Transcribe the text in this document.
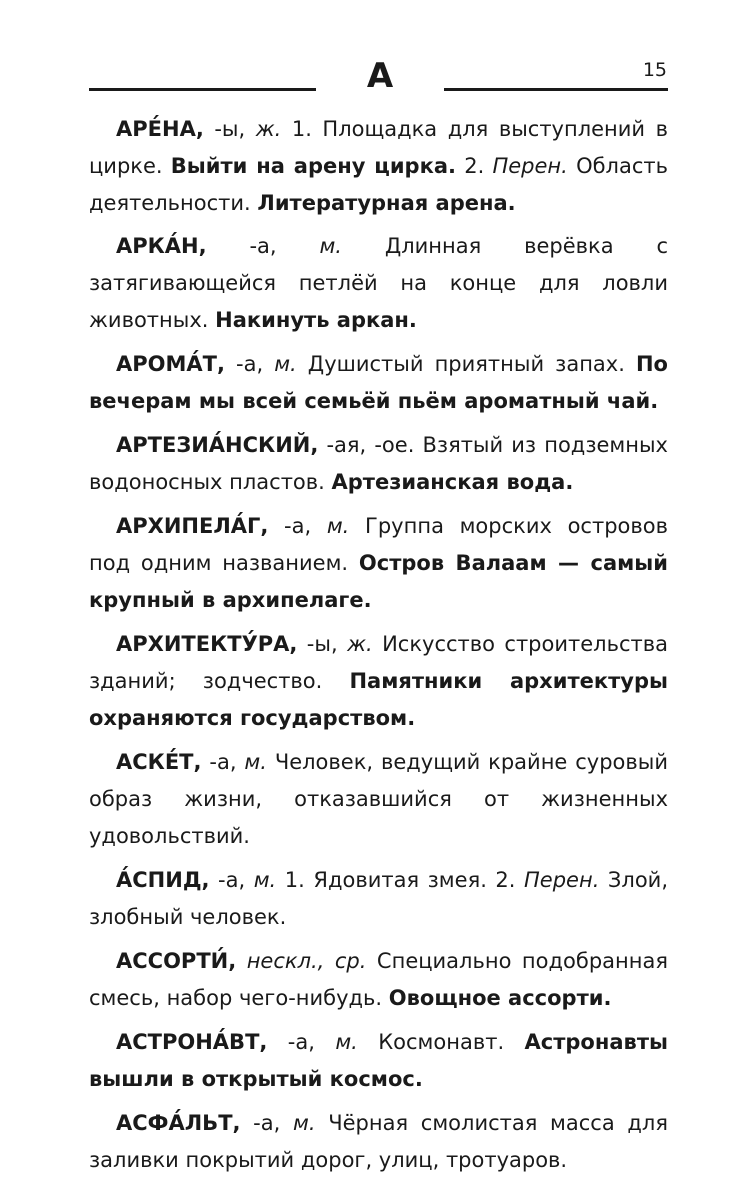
А	15

АРЕ́НА, -ы, ж. 1. Площадка для выступлений в цирке. Выйти на арену цирка. 2. Перен. Область деятельности. Литературная арена.

АРКА́Н, -а, м. Длинная верёвка с затягивающейся петлёй на конце для ловли животных. Накинуть аркан.

АРОМА́Т, -а, м. Душистый приятный запах. По вечерам мы всей семьёй пьём ароматный чай.

АРТЕЗИА́НСКИЙ, -ая, -ое. Взятый из подземных водоносных пластов. Артезианская вода.

АРХИПЕЛА́Г, -а, м. Группа морских островов под одним названием. Остров Валаам — самый крупный в архипелаге.

АРХИТЕКТУ́РА, -ы, ж. Искусство строительства зданий; зодчество. Памятники архитектуры охраняются государством.

АСКЕ́Т, -а, м. Человек, ведущий крайне суровый образ жизни, отказавшийся от жизненных удовольствий.

А́СПИД, -а, м. 1. Ядовитая змея. 2. Перен. Злой, злобный человек.

АССОРТИ́, нескл., ср. Специально подобранная смесь, набор чего-нибудь. Овощное ассорти.

АСТРОНА́ВТ, -а, м. Космонавт. Астронавты вышли в открытый космос.

АСФА́ЛЬТ, -а, м. Чёрная смолистая масса для заливки покрытий дорог, улиц, тротуаров.
